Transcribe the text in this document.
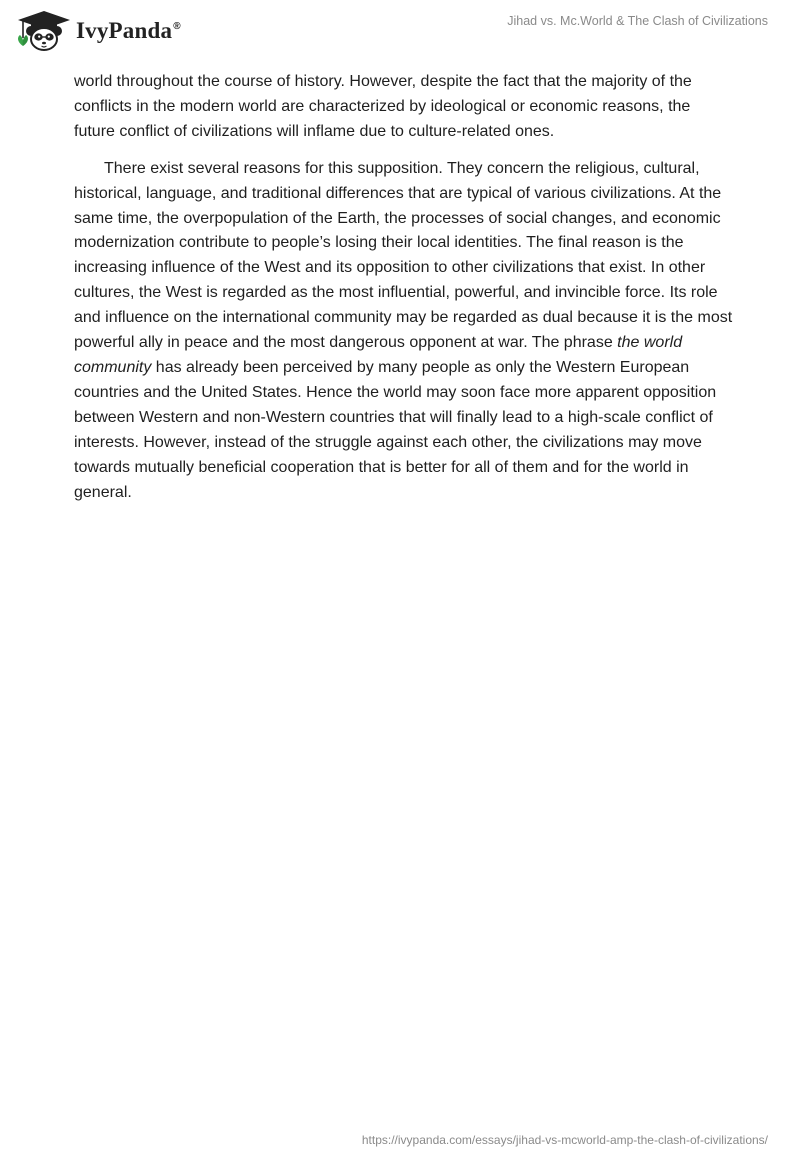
IvyPanda®	Jihad vs. Mc.World & The Clash of Civilizations

world throughout the course of history. However, despite the fact that the majority of the conflicts in the modern world are characterized by ideological or economic reasons, the future conflict of civilizations will inflame due to culture-related ones.

There exist several reasons for this supposition. They concern the religious, cultural, historical, language, and traditional differences that are typical of various civilizations. At the same time, the overpopulation of the Earth, the processes of social changes, and economic modernization contribute to people’s losing their local identities. The final reason is the increasing influence of the West and its opposition to other civilizations that exist. In other cultures, the West is regarded as the most influential, powerful, and invincible force. Its role and influence on the international community may be regarded as dual because it is the most powerful ally in peace and the most dangerous opponent at war. The phrase the world community has already been perceived by many people as only the Western European countries and the United States. Hence the world may soon face more apparent opposition between Western and non-Western countries that will finally lead to a high-scale conflict of interests. However, instead of the struggle against each other, the civilizations may move towards mutually beneficial cooperation that is better for all of them and for the world in general.

https://ivypanda.com/essays/jihad-vs-mcworld-amp-the-clash-of-civilizations/
